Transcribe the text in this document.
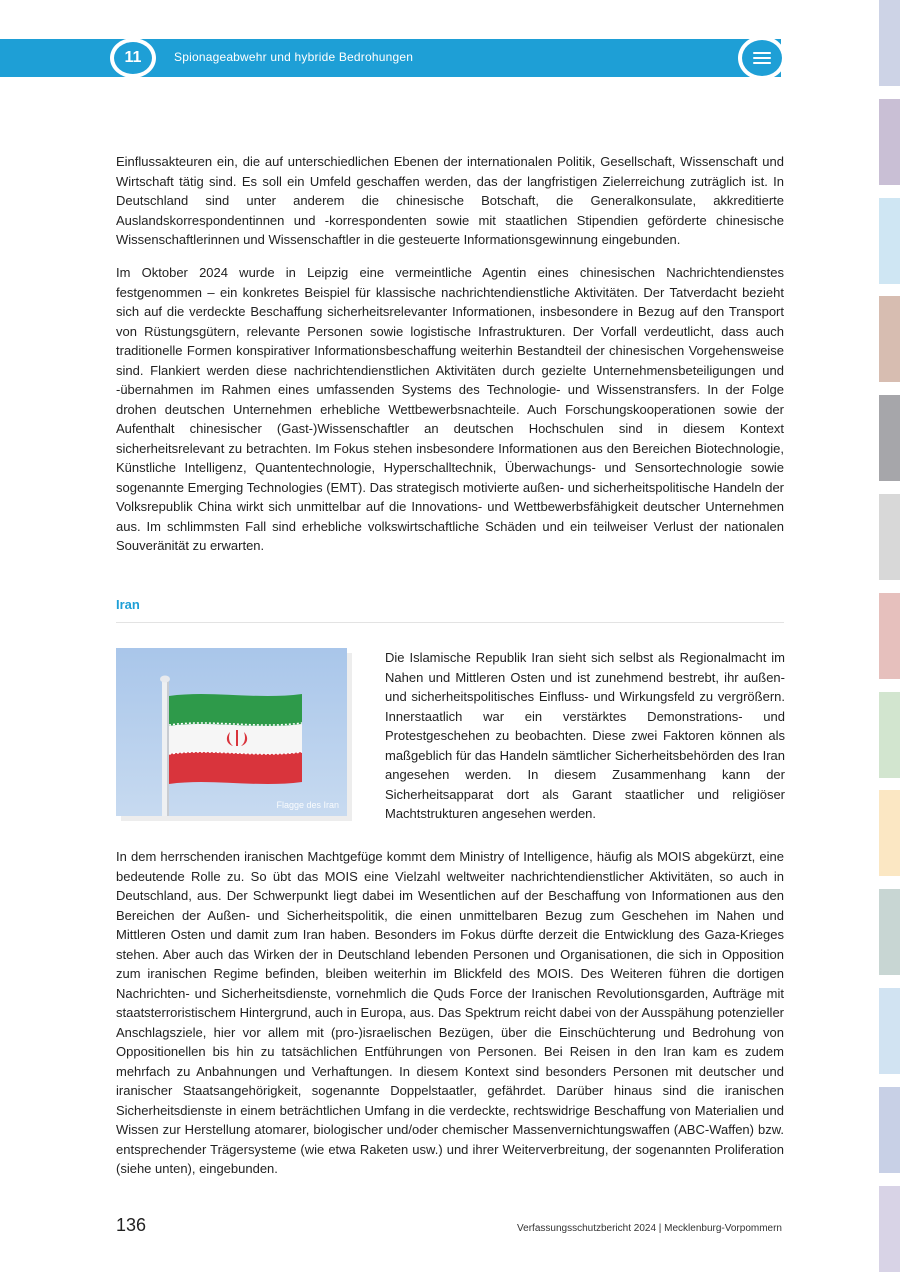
11	Spionageabwehr und hybride Bedrohungen

Einflussakteuren ein, die auf unterschiedlichen Ebenen der internationalen Politik, Gesellschaft, Wissenschaft und Wirtschaft tätig sind. Es soll ein Umfeld geschaffen werden, das der langfristigen Zielerreichung zuträglich ist. In Deutschland sind unter anderem die chinesische Botschaft, die Generalkonsulate, akkreditierte Auslandskorrespondentinnen und -korrespondenten sowie mit staatlichen Stipendien geförderte chinesische Wissenschaftlerinnen und Wissenschaftler in die gesteuerte Informationsgewinnung eingebunden.

Im Oktober 2024 wurde in Leipzig eine vermeintliche Agentin eines chinesischen Nachrichtendienstes festgenommen – ein konkretes Beispiel für klassische nachrichtendienstliche Aktivitäten. Der Tatverdacht bezieht sich auf die verdeckte Beschaffung sicherheitsrelevanter Informationen, insbesondere in Bezug auf den Transport von Rüstungsgütern, relevante Personen sowie logistische Infrastrukturen. Der Vorfall verdeutlicht, dass auch traditionelle Formen konspirativer Informationsbeschaffung weiterhin Bestandteil der chinesischen Vorgehensweise sind. Flankiert werden diese nachrichtendienstlichen Aktivitäten durch gezielte Unternehmensbeteiligungen und -übernahmen im Rahmen eines umfassenden Systems des Technologie- und Wissenstransfers. In der Folge drohen deutschen Unternehmen erhebliche Wettbewerbsnachteile. Auch Forschungskooperationen sowie der Aufenthalt chinesischer (Gast-)Wissenschaftler an deutschen Hochschulen sind in diesem Kontext sicherheitsrelevant zu betrachten. Im Fokus stehen insbesondere Informationen aus den Bereichen Biotechnologie, Künstliche Intelligenz, Quantentechnologie, Hyperschalltechnik, Überwachungs- und Sensortechnologie sowie sogenannte Emerging Technologies (EMT). Das strategisch motivierte außen- und sicherheitspolitische Handeln der Volksrepublik China wirkt sich unmittelbar auf die Innovations- und Wettbewerbsfähigkeit deutscher Unternehmen aus. Im schlimmsten Fall sind erhebliche volkswirtschaftliche Schäden und ein teilweiser Verlust der nationalen Souveränität zu erwarten.

Iran
Flagge des Iran

Die Islamische Republik Iran sieht sich selbst als Regionalmacht im Nahen und Mittleren Osten und ist zunehmend bestrebt, ihr außen- und sicherheitspolitisches Einfluss- und Wirkungsfeld zu vergrößern. Innerstaatlich war ein verstärktes Demonstrations- und Protestgeschehen zu beobachten. Diese zwei Faktoren können als maßgeblich für das Handeln sämtlicher Sicherheitsbehörden des Iran angesehen werden. In diesem Zusammenhang kann der Sicherheitsapparat dort als Garant staatlicher und religiöser Machtstrukturen angesehen werden.

In dem herrschenden iranischen Machtgefüge kommt dem Ministry of Intelligence, häufig als MOIS abgekürzt, eine bedeutende Rolle zu. So übt das MOIS eine Vielzahl weltweiter nachrichtendienstlicher Aktivitäten, so auch in Deutschland, aus. Der Schwerpunkt liegt dabei im Wesentlichen auf der Beschaffung von Informationen aus den Bereichen der Außen- und Sicherheitspolitik, die einen unmittelbaren Bezug zum Geschehen im Nahen und Mittleren Osten und damit zum Iran haben. Besonders im Fokus dürfte derzeit die Entwicklung des Gaza-Krieges stehen. Aber auch das Wirken der in Deutschland lebenden Personen und Organisationen, die sich in Opposition zum iranischen Regime befinden, bleiben weiterhin im Blickfeld des MOIS. Des Weiteren führen die dortigen Nachrichten- und Sicherheitsdienste, vornehmlich die Quds Force der Iranischen Revolutionsgarden, Aufträge mit staatsterroristischem Hintergrund, auch in Europa, aus. Das Spektrum reicht dabei von der Ausspähung potenzieller Anschlagsziele, hier vor allem mit (pro-)israelischen Bezügen, über die Einschüchterung und Bedrohung von Oppositionellen bis hin zu tatsächlichen Entführungen von Personen. Bei Reisen in den Iran kam es zudem mehrfach zu Anbahnungen und Verhaftungen. In diesem Kontext sind besonders Personen mit deutscher und iranischer Staatsangehörigkeit, sogenannte Doppelstaatler, gefährdet. Darüber hinaus sind die iranischen Sicherheitsdienste in einem beträchtlichen Umfang in die verdeckte, rechtswidrige Beschaffung von Materialien und Wissen zur Herstellung atomarer, biologischer und/oder chemischer Massenvernichtungswaffen (ABC-Waffen) bzw. entsprechender Trägersysteme (wie etwa Raketen usw.) und ihrer Weiterverbreitung, der sogenannten Proliferation (siehe unten), eingebunden.

136	Verfassungsschutzbericht 2024 | Mecklenburg-Vorpommern
